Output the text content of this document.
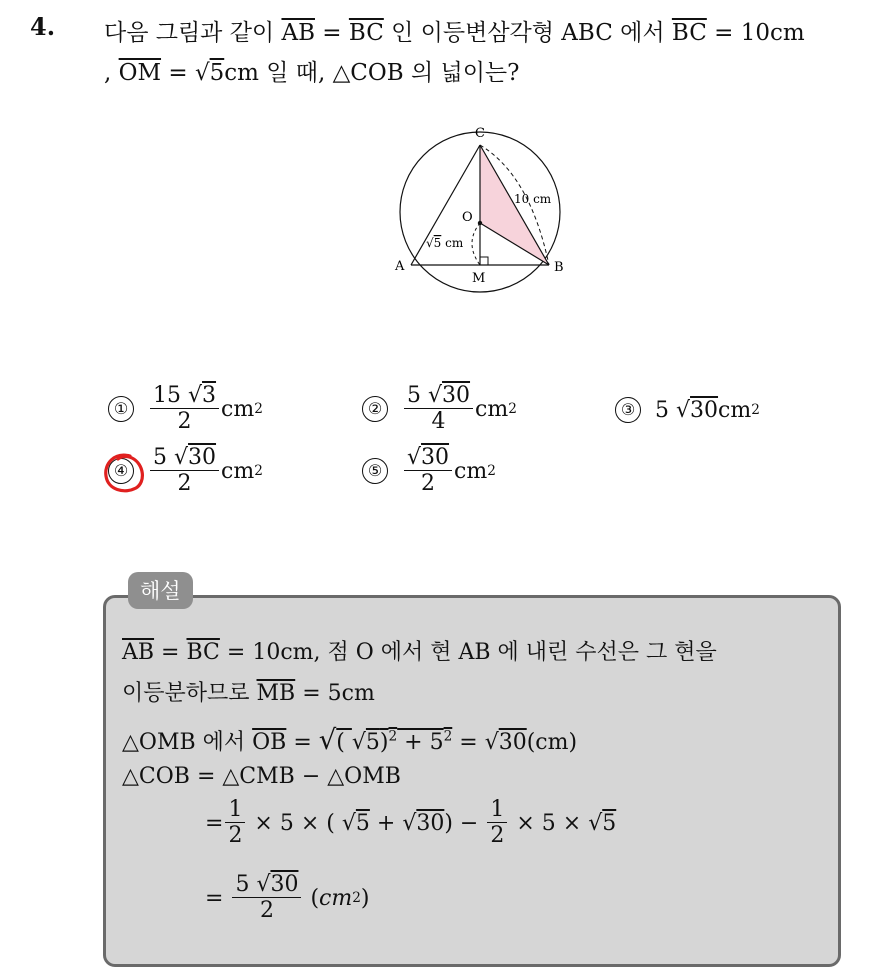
4. 다음 그림과 같이 $\overline{AB} = \overline{BC}$ 인 이등변삼각형 ABC 에서 $\overline{BC} = 10cm$
, $\overline{OM} = √5cm$ 일 때, △COB 의 넓이는?
C
O
A	B
M
10 cm
√5 cm
① $\frac{15 √3}{2}$ cm 2	② $\frac{5 √30}{4}$ cm 2	③ 5
√30 cm 2
④ $\frac{5 √30}{2}$ cm 2	⑤ $\frac{√30}{2}$ cm 2
해설
$\overline{AB} = \overline{BC} = 10cm$, 점 O 에서 현 AB 에 내린 수선은 그 현을
이등분하므로 $\overline{MB} = 5cm$
△OMB 에서 $\overline{OB}$ = √( $√5)^2 + 5^2 = √30(cm)$
△COB = △CMB − △OMB
= $\frac{1}{2} \times 5$ × ( √5 + √30 ) − $\frac{1}{2} \times 5 \times √5$
= $\frac{5 √30}{2}$ ( cm 2 )
